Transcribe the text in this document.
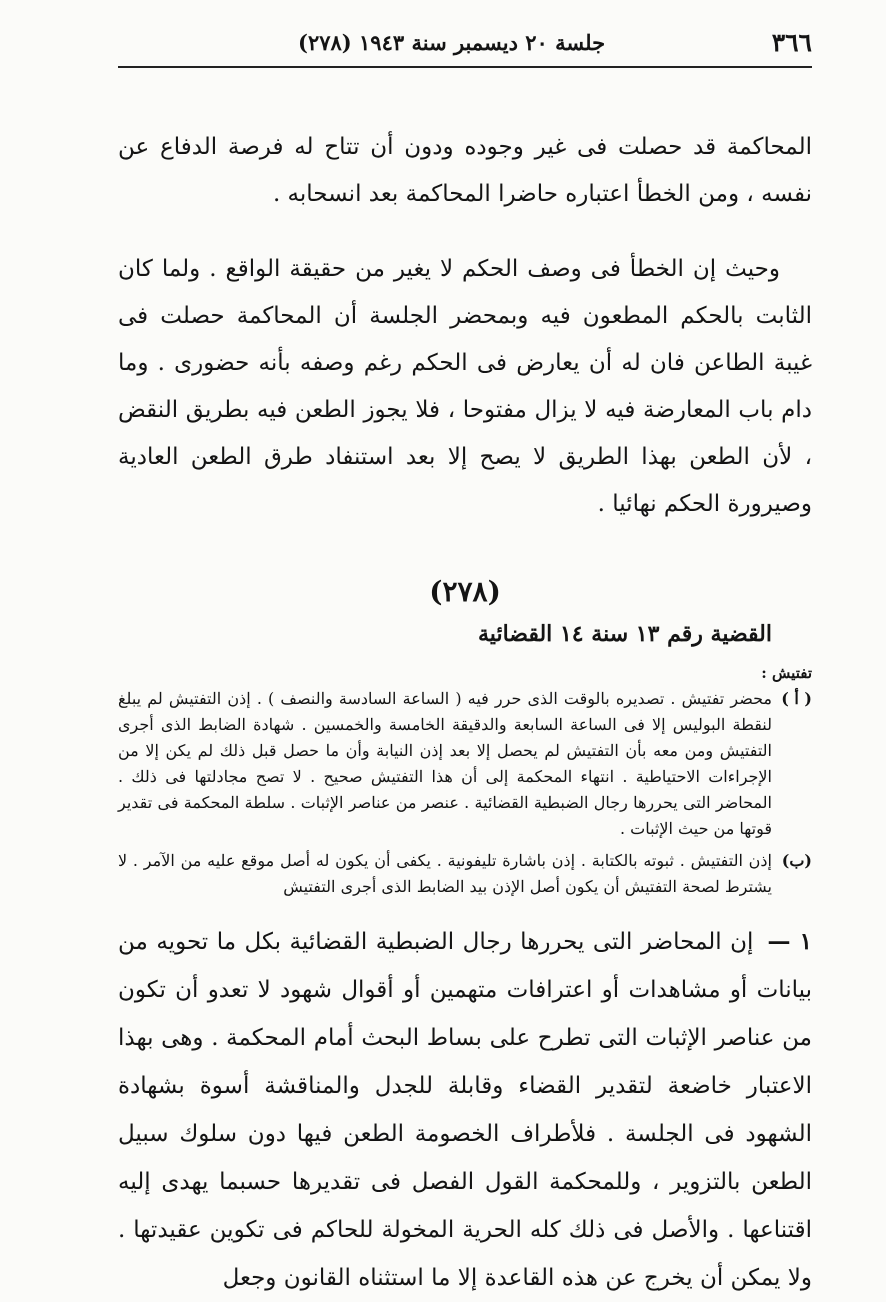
٣٦٦
جلسة ٢٠ ديسمبر سنة ١٩٤٣ (٢٧٨)

المحاكمة قد حصلت فى غير وجوده ودون أن تتاح له فرصة الدفاع عن نفسه ، ومن الخطأ اعتباره حاضرا المحاكمة بعد انسحابه .

وحيث إن الخطأ فى وصف الحكم لا يغير من حقيقة الواقع . ولما كان الثابت بالحكم المطعون فيه وبمحضر الجلسة أن المحاكمة حصلت فى غيبة الطاعن فان له أن يعارض فى الحكم رغم وصفه بأنه حضورى . وما دام باب المعارضة فيه لا يزال مفتوحا ، فلا يجوز الطعن فيه بطريق النقض ، لأن الطعن بهذا الطريق لا يصح إلا بعد استنفاد طرق الطعن العادية وصيرورة الحكم نهائيا .

(٢٧٨)
القضية رقم ١٣ سنة ١٤ القضائية
تفتيش :
( أ )
محضر تفتيش . تصديره بالوقت الذى حرر فيه ( الساعة السادسة والنصف ) . إذن التفتيش لم يبلغ لنقطة البوليس إلا فى الساعة السابعة والدقيقة الخامسة والخمسين . شهادة الضابط الذى أجرى التفتيش ومن معه بأن التفتيش لم يحصل إلا بعد إذن النيابة وأن ما حصل قبل ذلك لم يكن إلا من الإجراءات الاحتياطية . انتهاء المحكمة إلى أن هذا التفتيش صحيح . لا تصح مجادلتها فى ذلك . المحاضر التى يحررها رجال الضبطية القضائية . عنصر من عناصر الإثبات . سلطة المحكمة فى تقدير قوتها من حيث الإثبات .
(ب)
إذن التفتيش . ثبوته بالكتابة . إذن باشارة تليفونية . يكفى أن يكون له أصل موقع عليه من الآمر . لا يشترط لصحة التفتيش أن يكون أصل الإذن بيد الضابط الذى أجرى التفتيش
١ —إن المحاضر التى يحررها رجال الضبطية القضائية بكل ما تحويه من بيانات أو مشاهدات أو اعترافات متهمين أو أقوال شهود لا تعدو أن تكون من عناصر الإثبات التى تطرح على بساط البحث أمام المحكمة . وهى بهذا الاعتبار خاضعة لتقدير القضاء وقابلة للجدل والمناقشة أسوة بشهادة الشهود فى الجلسة . فلأطراف الخصومة الطعن فيها دون سلوك سبيل الطعن بالتزوير ، وللمحكمة القول الفصل فى تقديرها حسبما يهدى إليه اقتناعها . والأصل فى ذلك كله الحرية المخولة للحاكم فى تكوين عقيدتها . ولا يمكن أن يخرج عن هذه القاعدة إلا ما استثناه القانون وجعل
